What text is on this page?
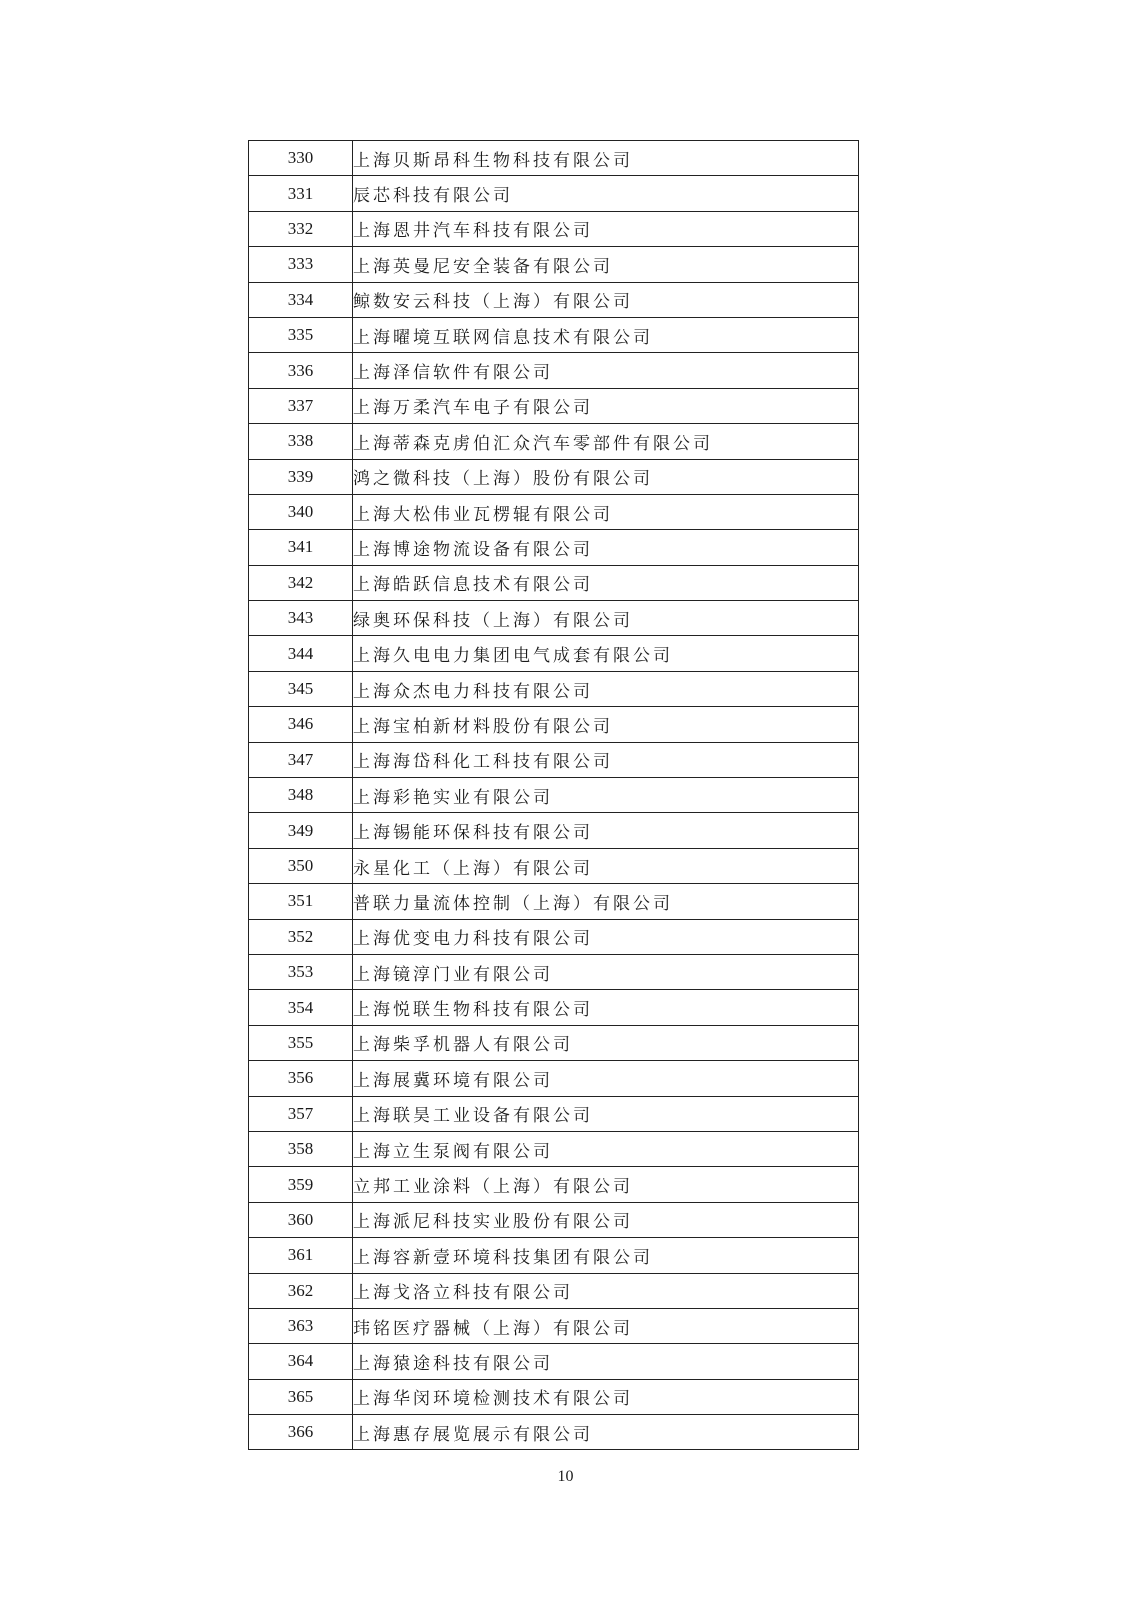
330	上海贝斯昂科生物科技有限公司
331	辰芯科技有限公司
332	上海恩井汽车科技有限公司
333	上海英曼尼安全装备有限公司
334	鲸数安云科技（上海）有限公司
335	上海曜境互联网信息技术有限公司
336	上海泽信软件有限公司
337	上海万柔汽车电子有限公司
338	上海蒂森克虏伯汇众汽车零部件有限公司
339	鸿之微科技（上海）股份有限公司
340	上海大松伟业瓦楞辊有限公司
341	上海博途物流设备有限公司
342	上海皓跃信息技术有限公司
343	绿奥环保科技（上海）有限公司
344	上海久电电力集团电气成套有限公司
345	上海众杰电力科技有限公司
346	上海宝柏新材料股份有限公司
347	上海海岱科化工科技有限公司
348	上海彩艳实业有限公司
349	上海锡能环保科技有限公司
350	永星化工（上海）有限公司
351	普联力量流体控制（上海）有限公司
352	上海优变电力科技有限公司
353	上海镜淳门业有限公司
354	上海悦联生物科技有限公司
355	上海柴孚机器人有限公司
356	上海展冀环境有限公司
357	上海联昊工业设备有限公司
358	上海立生泵阀有限公司
359	立邦工业涂料（上海）有限公司
360	上海派尼科技实业股份有限公司
361	上海容新壹环境科技集团有限公司
362	上海戈洛立科技有限公司
363	玮铭医疗器械（上海）有限公司
364	上海猿途科技有限公司
365	上海华闵环境检测技术有限公司
366	上海惠存展览展示有限公司
10
